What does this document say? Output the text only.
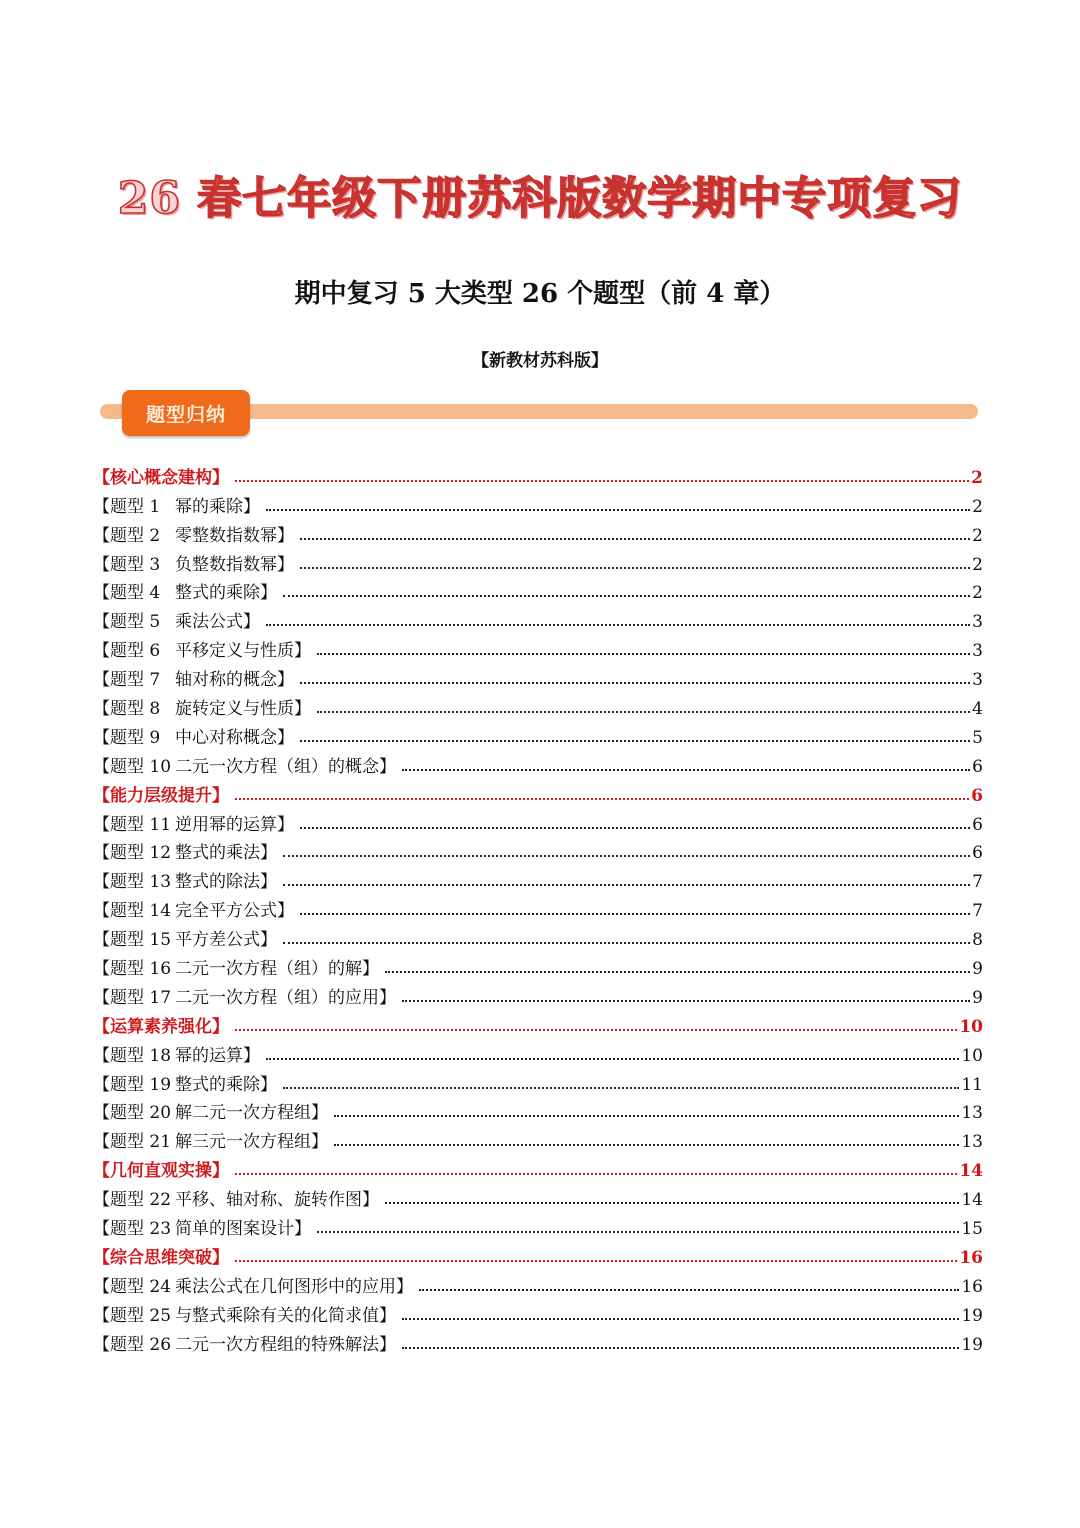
26 春七年级下册苏科版数学期中专项复习
期中复习 5 大类型 26 个题型（前 4 章）
【新教材苏科版】
题型归纳
【核心概念建构】	2
【题型 1 幂的乘除】	2
【题型 2 零整数指数幂】	2
【题型 3 负整数指数幂】	2
【题型 4 整式的乘除】	2
【题型 5 乘法公式】	3
【题型 6 平移定义与性质】	3
【题型 7 轴对称的概念】	3
【题型 8 旋转定义与性质】	4
【题型 9 中心对称概念】	5
【题型 10 二元一次方程（组）的概念】	6
【能力层级提升】	6
【题型 11 逆用幂的运算】	6
【题型 12 整式的乘法】	6
【题型 13 整式的除法】	7
【题型 14 完全平方公式】	7
【题型 15 平方差公式】	8
【题型 16 二元一次方程（组）的解】	9
【题型 17 二元一次方程（组）的应用】	9
【运算素养强化】	10
【题型 18 幂的运算】	10
【题型 19 整式的乘除】	11
【题型 20 解二元一次方程组】	13
【题型 21 解三元一次方程组】	13
【几何直观实操】	14
【题型 22 平移、轴对称、旋转作图】	14
【题型 23 简单的图案设计】	15
【综合思维突破】	16
【题型 24 乘法公式在几何图形中的应用】	16
【题型 25 与整式乘除有关的化简求值】	19
【题型 26 二元一次方程组的特殊解法】	19
